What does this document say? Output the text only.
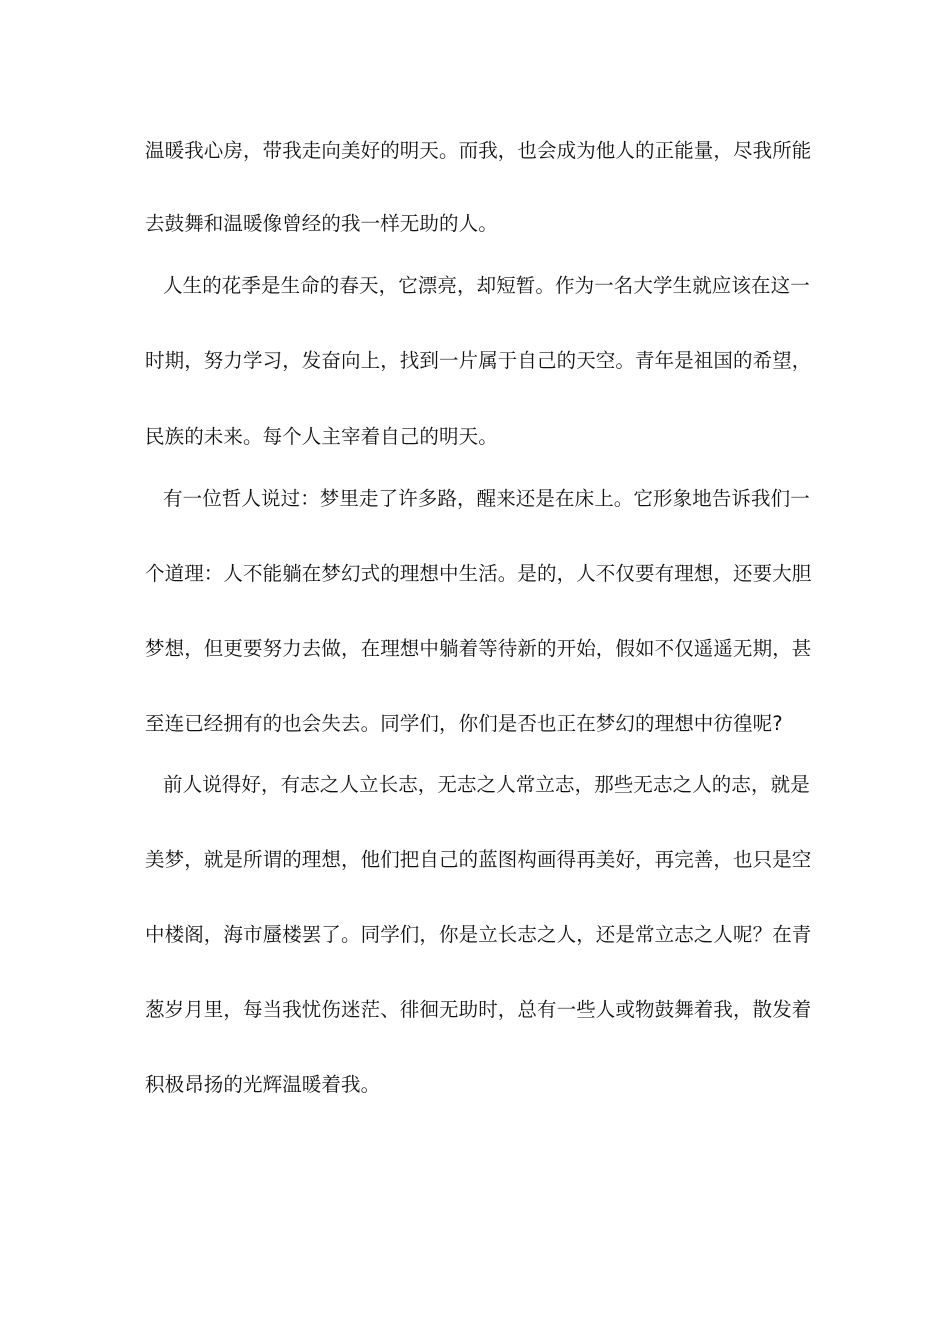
温暖我心房，带我走向美好的明天。而我，也会成为他人的正能量，尽我所能
去鼓舞和温暖像曾经的我一样无助的人。
人生的花季是生命的春天，它漂亮，却短暂。作为一名大学生就应该在这一
时期，努力学习，发奋向上，找到一片属于自己的天空。青年是祖国的希望，
民族的未来。每个人主宰着自己的明天。
有一位哲人说过：梦里走了许多路，醒来还是在床上。它形象地告诉我们一
个道理：人不能躺在梦幻式的理想中生活。是的，人不仅要有理想，还要大胆
梦想，但更要努力去做，在理想中躺着等待新的开始，假如不仅遥遥无期，甚
至连已经拥有的也会失去。同学们，你们是否也正在梦幻的理想中彷徨呢?
前人说得好，有志之人立长志，无志之人常立志，那些无志之人的志，就是
美梦，就是所谓的理想，他们把自己的蓝图构画得再美好，再完善，也只是空
中楼阁，海市蜃楼罢了。同学们，你是立长志之人，还是常立志之人呢？在青
葱岁月里，每当我忧伤迷茫、徘徊无助时，总有一些人或物鼓舞着我，散发着
积极昂扬的光辉温暖着我。
